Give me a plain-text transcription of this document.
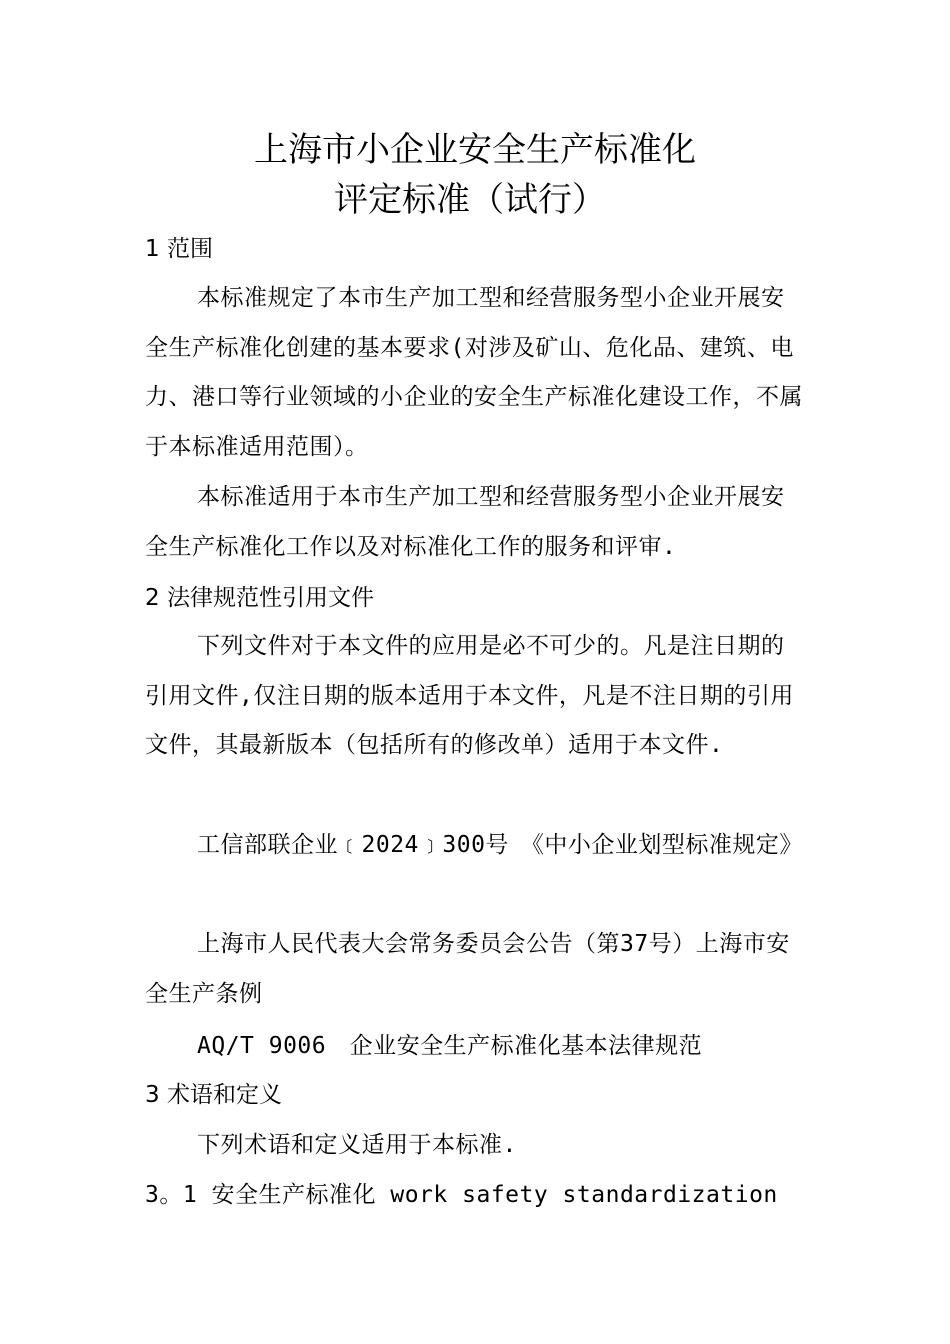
上海市小企业安全生产标准化
评定标准（试行）
1 范围

本标准规定了本市生产加工型和经营服务型小企业开展安全生产标准化创建的基本要求(对涉及矿山、危化品、建筑、电力、港口等行业领域的小企业的安全生产标准化建设工作，不属于本标准适用范围）。

本标准适用于本市生产加工型和经营服务型小企业开展安全生产标准化工作以及对标准化工作的服务和评审.

2 法律规范性引用文件

下列文件对于本文件的应用是必不可少的。凡是注日期的引用文件,仅注日期的版本适用于本文件，凡是不注日期的引用文件，其最新版本（包括所有的修改单）适用于本文件.

工信部联企业﹝2024﹞300号　《中小企业划型标准规定》

上海市人民代表大会常务委员会公告（第37号）上海市安全生产条例

AQ/T 9006　企业安全生产标准化基本法律规范
3 术语和定义
下列术语和定义适用于本标准.
3。1 安全生产标准化 work safety standardization
